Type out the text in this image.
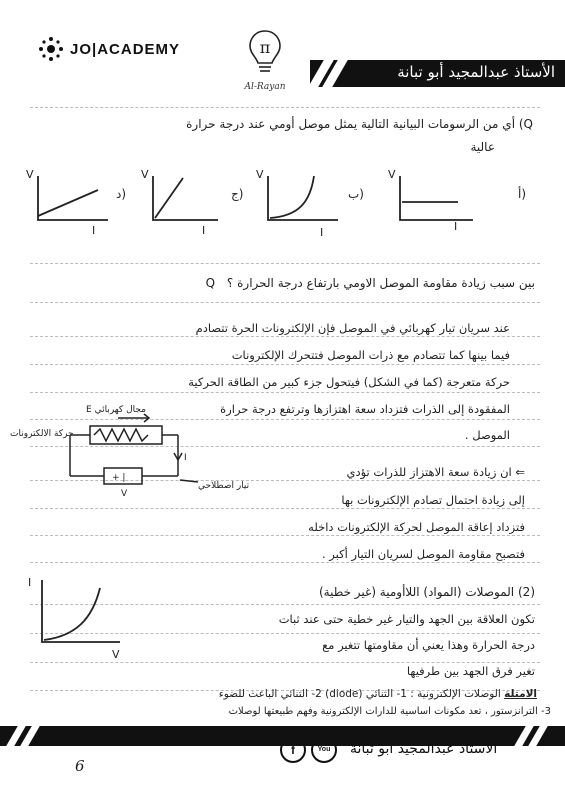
JO|ACADEMY	π
Al-Rayan
الأستاذ عبدالمجيد أبو تبانة
Q) أي من الرسومات البيانية التالية يمثل موصل أومي عند درجة حرارة
عالية
V
I
V
I
V
I
V
I
د)	ج)	ب)	أ)
بين سبب زيادة مقاومة الموصل الاومي بارتفاع درجة الحرارة ؟ Q
عند سريان تيار كهربائي في الموصل فإن الإلكترونات الحرة تتصادم
فيما بينها كما تتصادم مع ذرات الموصل فتتحرك الإلكترونات
حركة متعرجة (كما في الشكل) فيتحول جزء كبير من الطاقة الحركية
المفقودة إلى الذرات فتزداد سعة اهتزازها وترتفع درجة حرارة
الموصل .
E مجال كهربائي
حركة الالكترونات
I
+ |
V
تيار اصطلاحي
⇐ ان زيادة سعة الاهتزاز للذرات تؤدي
إلى زيادة احتمال تصادم الإلكترونات بها
فتزداد إعاقة الموصل لحركة الإلكترونات داخله
فتصبح مقاومة الموصل لسريان التيار أكبر .
I
V
(2) الموصلات (المواد) اللاأومية (غير خطية)
تكون العلاقة بين الجهد والتيار غير خطية حتى عند ثبات
درجة الحرارة وهذا يعني أن مقاومتها تتغير مع
تغير فرق الجهد بين طرفيها
الامثلة الوصلات الإلكترونية : 1- الثنائي (diode) 2- الثنائي الباعث للضوء
3- الترانزستور ، تعد مكونات اساسية للدارات الإلكترونية وفهم طبيعتها لوصلات
الأستاذ عبدالمجيد أبو تبانة
You
f
6
